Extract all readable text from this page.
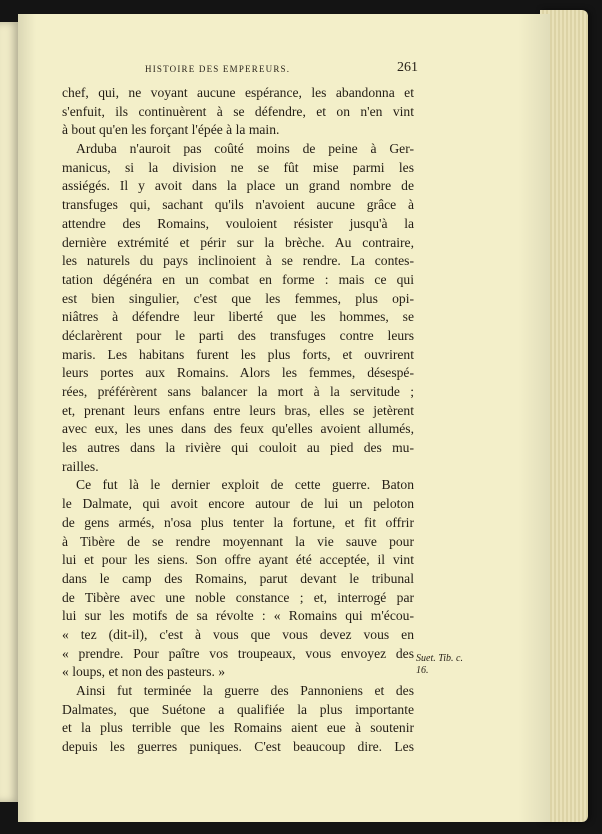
HISTOIRE DES EMPEREURS.	261
chef, qui, ne voyant aucune espérance, les abandonna et
s'enfuit, ils continuèrent à se défendre, et on n'en vint
à bout qu'en les forçant l'épée à la main.
Arduba n'auroit pas coûté moins de peine à Ger-
manicus, si la division ne se fût mise parmi les
assiégés. Il y avoit dans la place un grand nombre de
transfuges qui, sachant qu'ils n'avoient aucune grâce à
attendre des Romains, vouloient résister jusqu'à la
dernière extrémité et périr sur la brèche. Au contraire,
les naturels du pays inclinoient à se rendre. La contes-
tation dégénéra en un combat en forme : mais ce qui
est bien singulier, c'est que les femmes, plus opi-
niâtres à défendre leur liberté que les hommes, se
déclarèrent pour le parti des transfuges contre leurs
maris. Les habitans furent les plus forts, et ouvrirent
leurs portes aux Romains. Alors les femmes, désespé-
rées, préférèrent sans balancer la mort à la servitude ;
et, prenant leurs enfans entre leurs bras, elles se jetèrent
avec eux, les unes dans des feux qu'elles avoient allumés,
les autres dans la rivière qui couloit au pied des mu-
railles.
Ce fut là le dernier exploit de cette guerre. Baton
le Dalmate, qui avoit encore autour de lui un peloton
de gens armés, n'osa plus tenter la fortune, et fit offrir
à Tibère de se rendre moyennant la vie sauve pour
lui et pour les siens. Son offre ayant été acceptée, il vint
dans le camp des Romains, parut devant le tribunal
de Tibère avec une noble constance ; et, interrogé par
lui sur les motifs de sa révolte : « Romains qui m'écou-
« tez (dit-il), c'est à vous que vous devez vous en
« prendre. Pour paître vos troupeaux, vous envoyez des
« loups, et non des pasteurs. »
Ainsi fut terminée la guerre des Pannoniens et des
Dalmates, que Suétone a qualifiée la plus importante
et la plus terrible que les Romains aient eue à soutenir
depuis les guerres puniques. C'est beaucoup dire. Les
Suet. Tib. c.
16.
